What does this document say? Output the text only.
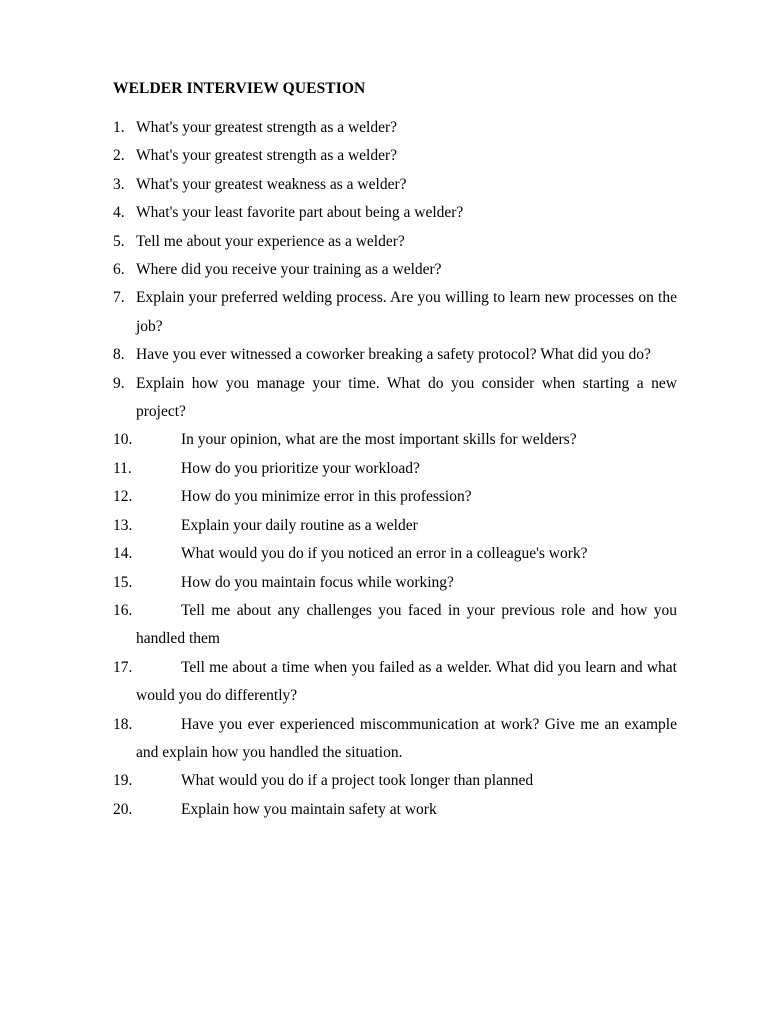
WELDER INTERVIEW QUESTION
1. What's your greatest strength as a welder?
2. What's your greatest strength as a welder?
3. What's your greatest weakness as a welder?
4. What's your least favorite part about being a welder?
5. Tell me about your experience as a welder?
6. Where did you receive your training as a welder?
7. Explain your preferred welding process. Are you willing to learn new processes on the job?
8. Have you ever witnessed a coworker breaking a safety protocol? What did you do?
9. Explain how you manage your time. What do you consider when starting a new project?
10.	In your opinion, what are the most important skills for welders?
11.	How do you prioritize your workload?
12.	How do you minimize error in this profession?
13.	Explain your daily routine as a welder
14.	What would you do if you noticed an error in a colleague's work?
15.	How do you maintain focus while working?
16.	Tell me about any challenges you faced in your previous role and how you handled them
17.	Tell me about a time when you failed as a welder. What did you learn and what would you do differently?
18.	Have you ever experienced miscommunication at work? Give me an example and explain how you handled the situation.
19.	What would you do if a project took longer than planned
20.	Explain how you maintain safety at work
